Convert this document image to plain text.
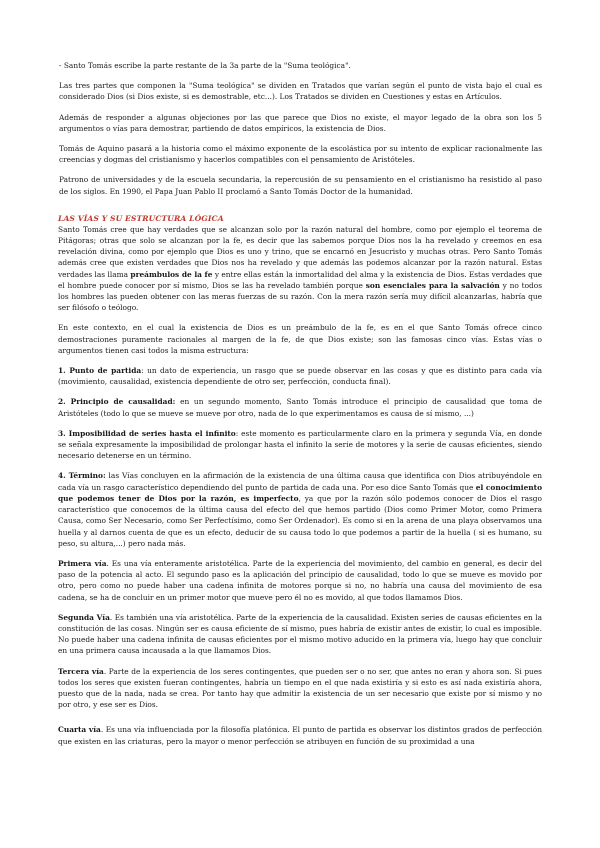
- Santo Tomás escribe la parte restante de la 3a parte de la "Suma teológica".

Las tres partes que componen la "Suma teológica" se dividen en Tratados que varían según el punto de vista bajo el cual es considerado Dios (si Dios existe, si es demostrable, etc...). Los Tratados se dividen en Cuestiones y estas en Artículos.

Además de responder a algunas objeciones por las que parece que Dios no existe, el mayor legado de la obra son los 5 argumentos o vías para demostrar, partiendo de datos empíricos, la existencia de Dios.

Tomás de Aquino pasará a la historia como el máximo exponente de la escolástica por su intento de explicar racionalmente las creencias y dogmas del cristianismo y hacerlos compatibles con el pensamiento de Aristóteles.

Patrono de universidades y de la escuela secundaria, la repercusión de su pensamiento en el cristianismo ha resistido al paso de los siglos. En 1990, el Papa Juan Pablo II proclamó a Santo Tomás Doctor de la humanidad.

LAS VÍAS Y SU ESTRUCTURA LÓGICA

Santo Tomás cree que hay verdades que se alcanzan solo por la razón natural del hombre, como por ejemplo el teorema de Pitágoras; otras que solo se alcanzan por la fe, es decir que las sabemos porque Dios nos la ha revelado y creemos en esa revelación divina, como por ejemplo que Dios es uno y trino, que se encarnó en Jesucristo y muchas otras. Pero Santo Tomás además cree que existen verdades que Dios nos ha revelado y que además las podemos alcanzar por la razón natural. Estas verdades las llama preámbulos de la fe y entre ellas están la inmortalidad del alma y la existencia de Dios. Estas verdades que el hombre puede conocer por sí mismo, Dios se las ha revelado también porque son esenciales para la salvación y no todos los hombres las pueden obtener con las meras fuerzas de su razón. Con la mera razón sería muy difícil alcanzarlas, habría que ser filósofo o teólogo.

En este contexto, en el cual la existencia de Dios es un preámbulo de la fe, es en el que Santo Tomás ofrece cinco demostraciones puramente racionales al margen de la fe, de que Dios existe; son las famosas cinco vías. Estas vías o argumentos tienen casi todos la misma estructura:

1. Punto de partida: un dato de experiencia, un rasgo que se puede observar en las cosas y que es distinto para cada vía (movimiento, causalidad, existencia dependiente de otro ser, perfección, conducta final).

2. Principio de causalidad: en un segundo momento, Santo Tomás introduce el principio de causalidad ​​que toma de Aristóteles (todo lo que se mueve se mueve por otro, nada de lo que experimentamos es causa de sí mismo, ...)

3. Imposibilidad de series hasta el infinito: este momento es particularmente claro en la primera y segunda Vía, en donde se señala expresamente la imposibilidad de prolongar hasta el infinito la serie de motores y la serie de causas eficientes, siendo necesario detenerse en un término.

4. Término: las Vías concluyen en la afirmación de la existencia de una última causa que identifica con Dios atribuyéndole en cada vía un rasgo característico dependiendo del punto de partida de cada una. Por eso dice Santo Tomás que el conocimiento que podemos tener de Dios por la razón, es imperfecto, ya que por la razón sólo podemos conocer de Dios el rasgo característico que conocemos de la última causa del efecto del que hemos partido (Dios como Primer Motor, como Primera Causa, como Ser Necesario, como Ser Perfectísimo, como Ser Ordenador). Es como si en la arena de una playa observamos una huella y al darnos cuenta de que es un efecto, deducir de su causa todo lo que podemos a partir de la huella ( si es humano, su peso, su altura,...) pero nada más.

Primera vía. Es una vía enteramente aristotélica. Parte de la experiencia del movimiento, del cambio en general, es decir del paso de la potencia al acto. El segundo paso es la aplicación del principio de causalidad, todo lo que se mueve es movido por otro, pero como no puede haber una cadena infinita de motores porque si no, no habría una causa del movimiento de esa cadena, se ha de concluir en un primer motor que mueve pero él no es movido, al que todos llamamos Dios.

Segunda Vía. Es también una vía aristotélica. Parte de la experiencia de la causalidad. Existen series de causas eficientes en la constitución de las cosas. Ningún ser es causa eficiente de sí mismo, pues habría de existir antes de existir, lo cual es imposible. No puede haber una cadena infinita de causas eficientes por el mismo motivo aducido en la primera vía, luego hay que concluir en una primera causa incausada a la que llamamos Dios.

Tercera vía. Parte de la experiencia de los seres contingentes, que pueden ser o no ser, que antes no eran y ahora son. Si pues todos los seres que existen fueran contingentes, habría un tiempo en el que nada existiría y si esto es así nada existiría ahora, puesto que de la nada, nada se crea. Por tanto hay que admitir la existencia de un ser necesario que existe por sí mismo y no por otro, y ese ser es Dios.

Cuarta vía. Es una vía influenciada por la filosofía platónica. El punto de partida es observar los distintos grados de perfección que existen en las criaturas, pero la mayor o menor perfección se atribuyen en función de su proximidad a una
